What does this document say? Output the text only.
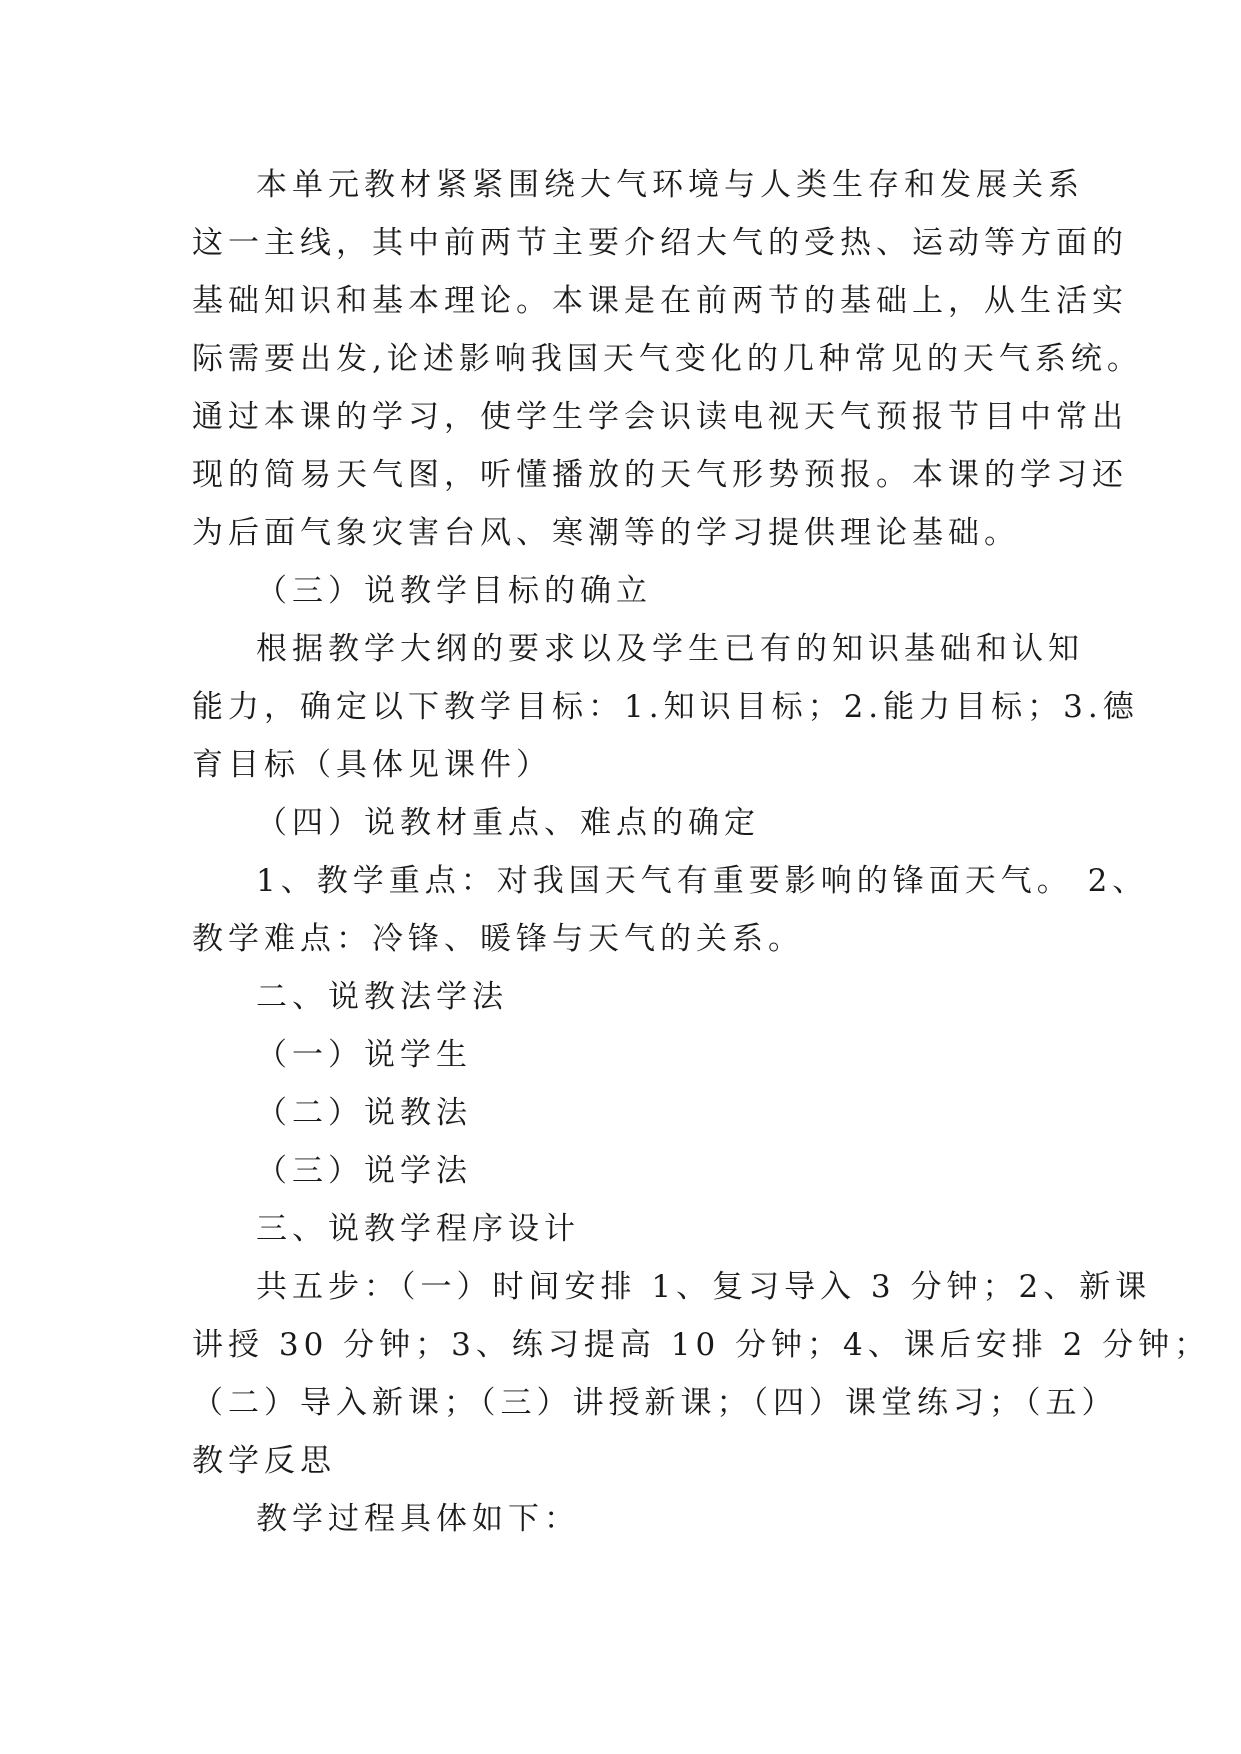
本单元教材紧紧围绕大气环境与人类生存和发展关系
这一主线，其中前两节主要介绍大气的受热、运动等方面的
基础知识和基本理论。本课是在前两节的基础上，从生活实
际需要出发,论述影响我国天气变化的几种常见的天气系统。
通过本课的学习，使学生学会识读电视天气预报节目中常出
现的简易天气图，听懂播放的天气形势预报。本课的学习还
为后面气象灾害台风、寒潮等的学习提供理论基础。
（三）说教学目标的确立
根据教学大纲的要求以及学生已有的知识基础和认知
能力，确定以下教学目标：1.知识目标；2.能力目标；3.德
育目标（具体见课件）
（四）说教材重点、难点的确定
1、教学重点：对我国天气有重要影响的锋面天气。 2、
教学难点：冷锋、暖锋与天气的关系。
二、说教法学法
（一）说学生
（二）说教法
（三）说学法
三、说教学程序设计
共五步：（一）时间安排 1、复习导入 3 分钟；2、新课
讲授 30 分钟；3、练习提高 10 分钟；4、课后安排 2 分钟；
（二）导入新课；（三）讲授新课；（四）课堂练习；（五）
教学反思
教学过程具体如下：
